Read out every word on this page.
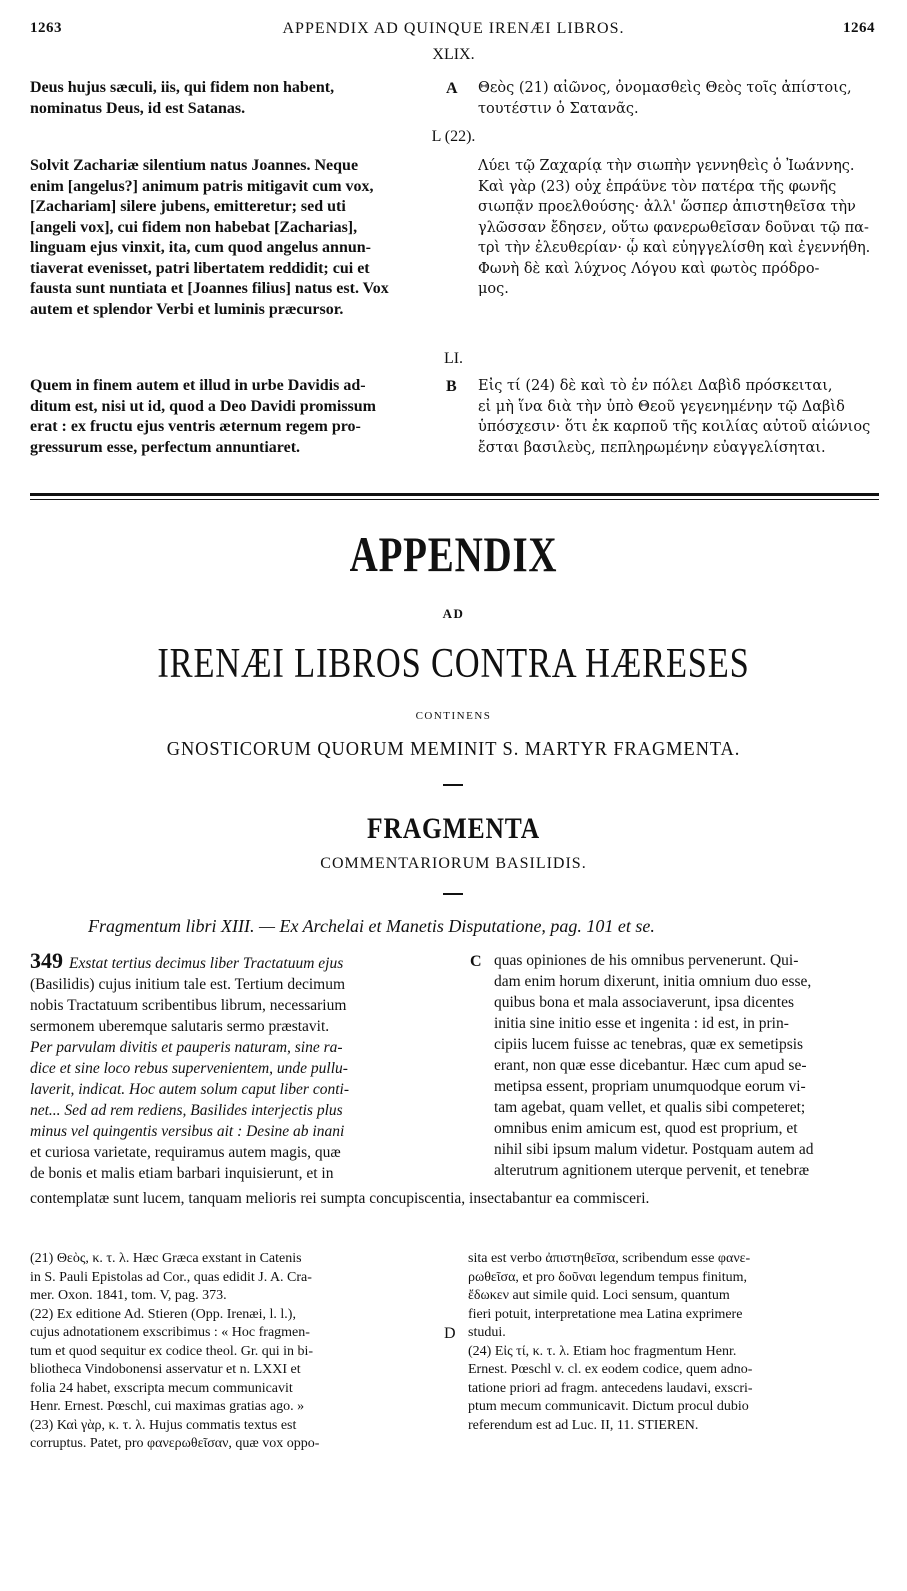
1263	APPENDIX AD QUINQUE IRENÆI LIBROS.	1264
XLIX.
Deus hujus sæculi, iis, qui fidem non habent,
nominatus Deus, id est Satanas.
A Θεὸς (21) αἰῶνος, ὀνομασθεὶς Θεὸς τοῖς ἀπίστοις,
τουτέστιν ὁ Σατανᾶς.
L (22).
Solvit Zachariæ silentium natus Joannes. Neque
enim [angelus?] animum patris mitigavit cum vox,
[Zachariam] silere jubens, emitteretur; sed uti
[angeli vox], cui fidem non habebat [Zacharias],
linguam ejus vinxit, ita, cum quod angelus annun-
tiaverat evenisset, patri libertatem reddidit; cui et
fausta sunt nuntiata et [Joannes filius] natus est. Vox
autem et splendor Verbi et luminis præcursor.
Λύει τῷ Ζαχαρίᾳ τὴν σιωπὴν γεννηθεὶς ὁ Ἰωάννης.
Καὶ γὰρ (23) οὐχ ἐπράϋνε τὸν πατέρα τῆς φωνῆς
σιωπᾷν προελθούσης· ἀλλ' ὥσπερ ἀπιστηθεῖσα τὴν
γλῶσσαν ἔδησεν, οὕτω φανερωθεῖσαν δοῦναι τῷ πα-
τρὶ τὴν ἐλευθερίαν· ᾧ καὶ εὐηγγελίσθη καὶ ἐγεννήθη.
Φωνὴ δὲ καὶ λύχνος Λόγου καὶ φωτὸς πρόδρο-
μος.
LI.
Quem in finem autem et illud in urbe Davidis ad-
ditum est, nisi ut id, quod a Deo Davidi promissum
erat : ex fructu ejus ventris æternum regem pro-
gressurum esse, perfectum annuntiaret.
B Εἰς τί (24) δὲ καὶ τὸ ἐν πόλει Δαβὶδ πρόσκειται,
εἰ μὴ ἵνα διὰ τὴν ὑπὸ Θεοῦ γεγενημένην τῷ Δαβὶδ
ὑπόσχεσιν· ὅτι ἐκ καρποῦ τῆς κοιλίας αὐτοῦ αἰώνιος
ἔσται βασιλεὺς, πεπληρωμένην εὐαγγελίσηται.
APPENDIX
AD
IRENÆI LIBROS CONTRA HÆRESES
CONTINENS
GNOSTICORUM QUORUM MEMINIT S. MARTYR FRAGMENTA.
FRAGMENTA
COMMENTARIORUM BASILIDIS.
Fragmentum libri XIII. — Ex Archelai et Manetis Disputatione, pag. 101 et se.
349 Exstat tertius decimus liber Tractatuum ejus
(Basilidis) cujus initium tale est. Tertium decimum
nobis Tractatuum scribentibus librum, necessarium
sermonem uberemque salutaris sermo præstavit.
Per parvulam divitis et pauperis naturam, sine ra-
dice et sine loco rebus supervenientem, unde pullu-
laverit, indicat. Hoc autem solum caput liber conti-
net... Sed ad rem rediens, Basilides interjectis plus
minus vel quingentis versibus ait : Desine ab inani
et curiosa varietate, requiramus autem magis, quæ
de bonis et malis etiam barbari inquisierunt, et in
C quas opiniones de his omnibus pervenerunt. Qui-
dam enim horum dixerunt, initia omnium duo esse,
quibus bona et mala associaverunt, ipsa dicentes
initia sine initio esse et ingenita : id est, in prin-
cipiis lucem fuisse ac tenebras, quæ ex semetipsis
erant, non quæ esse dicebantur. Hæc cum apud se-
metipsa essent, propriam unumquodque eorum vi-
tam agebat, quam vellet, et qualis sibi competeret;
omnibus enim amicum est, quod est proprium, et
nihil sibi ipsum malum videtur. Postquam autem ad
alterutrum agnitionem uterque pervenit, et tenebræ
contemplatæ sunt lucem, tanquam melioris rei sumpta concupiscentia, insectabantur ea commisceri.
(21) Θεὸς, κ. τ. λ. Hæc Græca exstant in Catenis
in S. Pauli Epistolas ad Cor., quas edidit J. A. Cra-
mer. Oxon. 1841, tom. V, pag. 373.
(22) Ex editione Ad. Stieren (Opp. Irenæi, l. l.),
cujus adnotationem exscribimus : « Hoc fragmen-
tum et quod sequitur ex codice theol. Gr. qui in bi-
bliotheca Vindobonensi asservatur et n. LXXI et
folia 24 habet, exscripta mecum communicavit
Henr. Ernest. Pœschl, cui maximas gratias ago. »
(23) Καὶ γὰρ, κ. τ. λ. Hujus commatis textus est
corruptus. Patet, pro φανερωθεῖσαν, quæ vox oppo-
D
sita est verbo ἀπιστηθεῖσα, scribendum esse φανε-
ρωθεῖσα, et pro δοῦναι legendum tempus finitum,
ἔδωκεν aut simile quid. Loci sensum, quantum
fieri potuit, interpretatione mea Latina exprimere
studui.
(24) Εἰς τί, κ. τ. λ. Etiam hoc fragmentum Henr.
Ernest. Pœschl v. cl. ex eodem codice, quem adno-
tatione priori ad fragm. antecedens laudavi, exscri-
ptum mecum communicavit. Dictum procul dubio
referendum est ad Luc. II, 11. STIEREN.
